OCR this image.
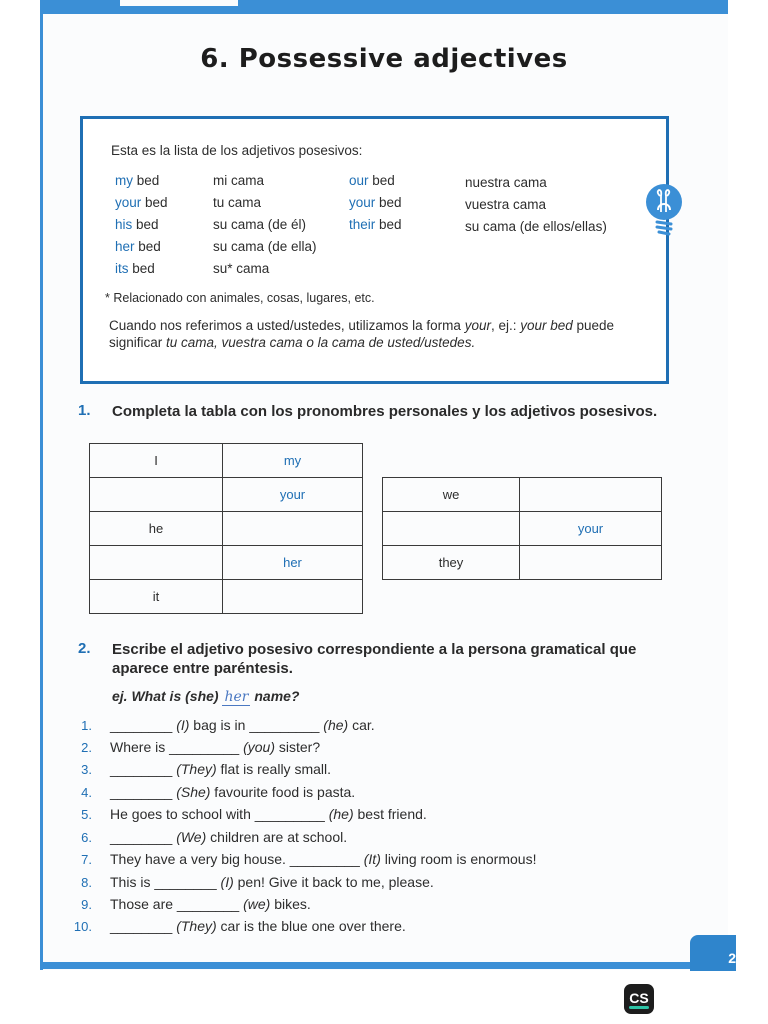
2
6. Possessive adjectives
Esta es la lista de los adjetivos posesivos:
my bed	mi cama
your bed	tu cama
his bed	su cama (de él)
her bed	su cama (de ella)
its bed	su* cama
our bed	nuestra cama
your bed	vuestra cama
their bed	su cama (de ellos/ellas)
* Relacionado con animales, cosas, lugares, etc.
Cuando nos referimos a usted/ustedes, utilizamos la forma your, ej.: your bed puede significar tu cama, vuestra cama o la cama de usted/ustedes.
1. Completa la tabla con los pronombres personales y los adjetivos posesivos.
I	my
	your
he	
	her
it	
we	
	your
they	
2. Escribe el adjetivo posesivo correspondiente a la persona gramatical que aparece entre paréntesis.
ej. What is (she) her name?
1. ________ (I) bag is in _________ (he) car.
2. Where is _________ (you) sister?
3. ________ (They) flat is really small.
4. ________ (She) favourite food is pasta.
5. He goes to school with _________ (he) best friend.
6. ________ (We) children are at school.
7. They have a very big house. _________ (It) living room is enormous!
8. This is ________ (I) pen! Give it back to me, please.
9. Those are ________ (we) bikes.
10. ________ (They) car is the blue one over there.
CS
